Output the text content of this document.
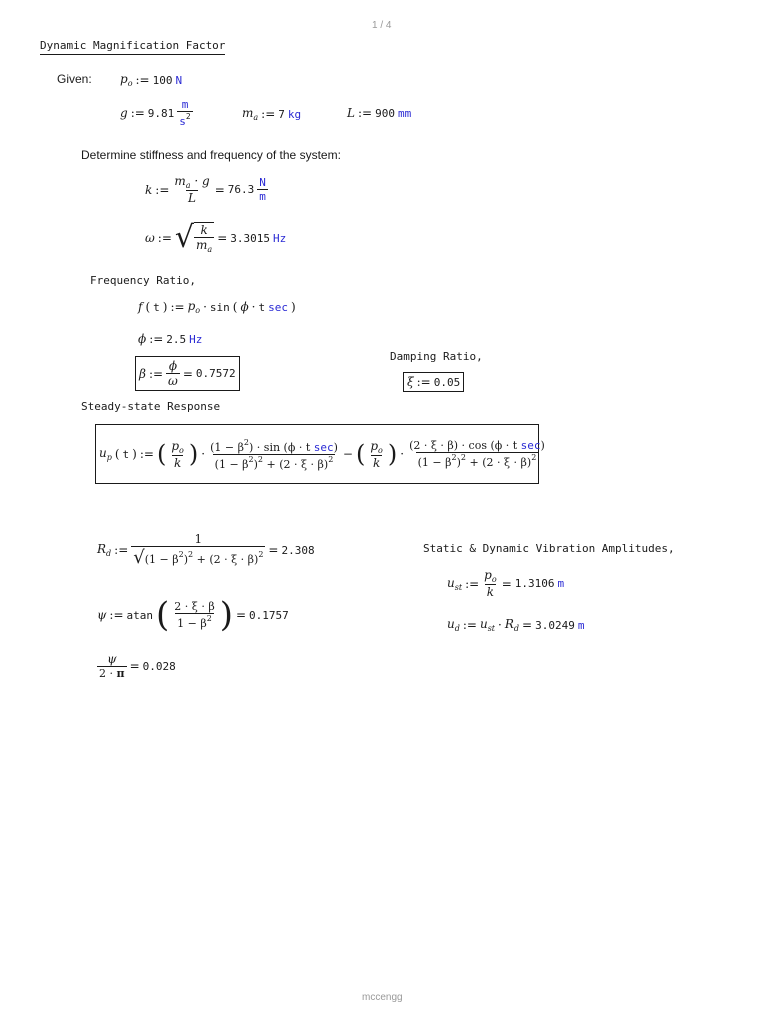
1 / 4
Dynamic Magnification Factor
Given: $p_o$ := 100 N
g := $9.81 \frac{m}{s^2}$	$m_a$ := 7 kg	L := 900 mm
Determine stiffness and frequency of the system:
k := $\frac{m_a \cdot g}{L} = 76.3 \frac{N}{m}$
ω := √ $\frac{k}{m_a} = 3.3015$ Hz
Frequency Ratio,
f ( t ) := $p_o \cdot \sin$ ( ϕ · t sec )
ϕ := 2.5 Hz
β := $\frac{\phi}{\omega} = 0.7572$
Damping Ratio,
ξ := 0.05
Steady-state Response
$u_p$ ( t ) := ( $\frac{p_o}{k}$ ) · $\frac{(1 - \beta^2) \cdot \sin (\phi \cdot t \sec)}{(1 - \beta^2)^2 + (2 \cdot \xi \cdot \beta)^2}$ − ( $\frac{p_o}{k}$ ) · $\frac{\text{(2 · ξ · β) · cos (ϕ · t sec)}}{(1 - \beta^2)^2 + (2 \cdot \xi \cdot \beta)^2}$
$R_d$ := $\frac{1}{√(1 - \beta^2)^2 + (2 \cdot \xi \cdot \beta)^2} = 2.308$	Static & Dynamic Vibration Amplitudes,
$u_{st}$ := $\frac{p_o}{k} = 1.3106$ m
$u_d$ := $u_{st} \cdot R_d = 3.0249$ m
ψ := atan ( $\frac{2 \cdot \xi \cdot \beta}{1 - \beta^2}$ ) = 0.1757
$\frac{\psi}{2 \cdot \pi} = 0.028$
mccengg
